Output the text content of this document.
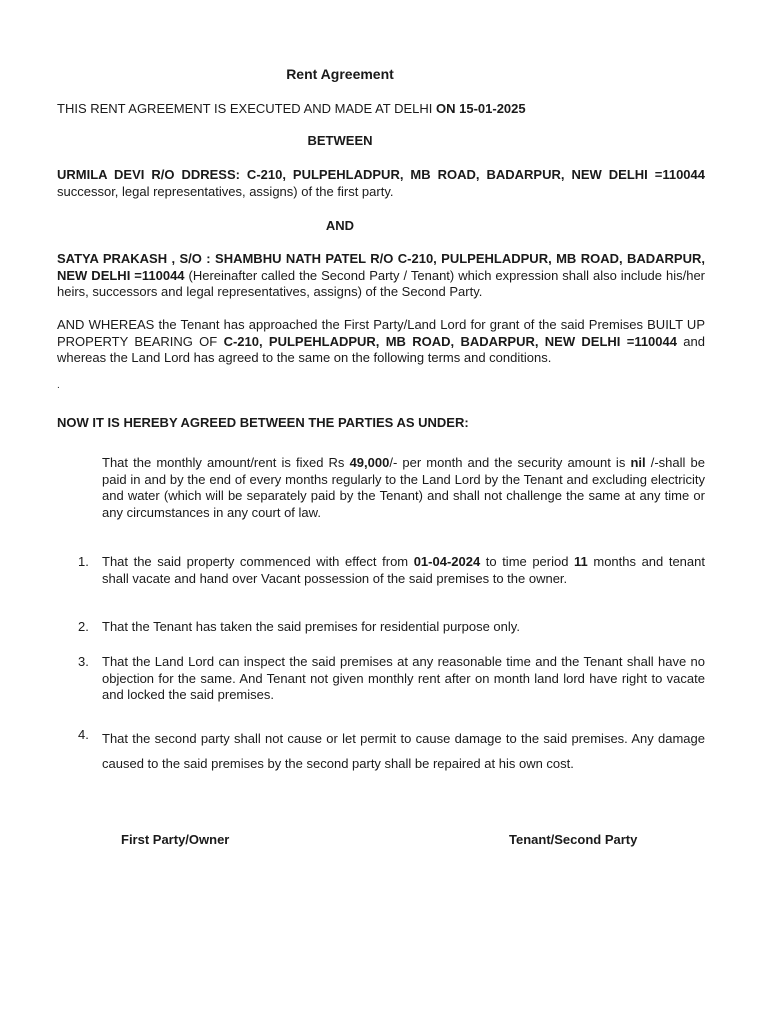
Rent Agreement
THIS RENT AGREEMENT IS EXECUTED AND MADE AT DELHI ON 15-01-2025
BETWEEN
URMILA DEVI R/O DDRESS: C-210, PULPEHLADPUR, MB ROAD, BADARPUR, NEW DELHI =110044 successor, legal representatives, assigns) of the first party.
AND
SATYA PRAKASH , S/O : SHAMBHU NATH PATEL R/O C-210, PULPEHLADPUR, MB ROAD, BADARPUR, NEW DELHI =110044 (Hereinafter called the Second Party / Tenant) which expression shall also include his/her heirs, successors and legal representatives, assigns) of the Second Party.
AND WHEREAS the Tenant has approached the First Party/Land Lord for grant of the said Premises BUILT UP PROPERTY BEARING OF C-210, PULPEHLADPUR, MB ROAD, BADARPUR, NEW DELHI =110044 and whereas the Land Lord has agreed to the same on the following terms and conditions.
.
NOW IT IS HEREBY AGREED BETWEEN THE PARTIES AS UNDER:
That the monthly amount/rent is fixed Rs 49,000/- per month and the security amount is nil /-shall be paid in and by the end of every months regularly to the Land Lord by the Tenant and excluding electricity and water (which will be separately paid by the Tenant) and shall not challenge the same at any time or any circumstances in any court of law.
1.	That the said property commenced with effect from 01-04-2024 to time period 11 months and tenant shall vacate and hand over Vacant possession of the said premises to the owner.
2.	That the Tenant has taken the said premises for residential purpose only.
3.	That the Land Lord can inspect the said premises at any reasonable time and the Tenant shall have no objection for the same. And Tenant not given monthly rent after on month land lord have right to vacate and locked the said premises.
4.	That the second party shall not cause or let permit to cause damage to the said premises. Any damage caused to the said premises by the second party shall be repaired at his own cost.
First Party/Owner	Tenant/Second Party
